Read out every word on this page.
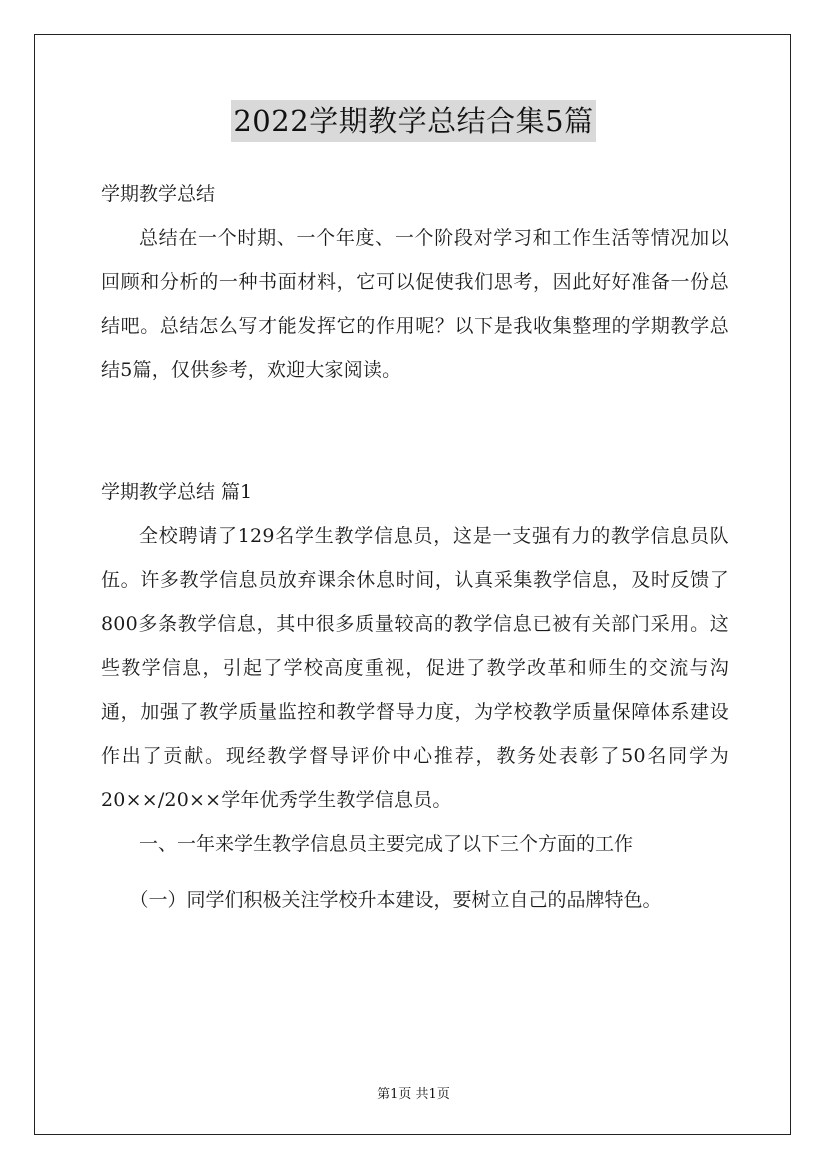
2022学期教学总结合集5篇

学期教学总结

总结在一个时期、一个年度、一个阶段对学习和工作生活等情况加以回顾和分析的一种书面材料，它可以促使我们思考，因此好好准备一份总结吧。总结怎么写才能发挥它的作用呢？以下是我收集整理的学期教学总结5篇，仅供参考，欢迎大家阅读。

学期教学总结 篇1

全校聘请了129名学生教学信息员，这是一支强有力的教学信息员队伍。许多教学信息员放弃课余休息时间，认真采集教学信息，及时反馈了800多条教学信息，其中很多质量较高的教学信息已被有关部门采用。这些教学信息，引起了学校高度重视，促进了教学改革和师生的交流与沟通，加强了教学质量监控和教学督导力度，为学校教学质量保障体系建设作出了贡献。现经教学督导评价中心推荐，教务处表彰了50名同学为20××/20××学年优秀学生教学信息员。

一、一年来学生教学信息员主要完成了以下三个方面的工作

（一）同学们积极关注学校升本建设，要树立自己的品牌特色。

第1页 共1页
